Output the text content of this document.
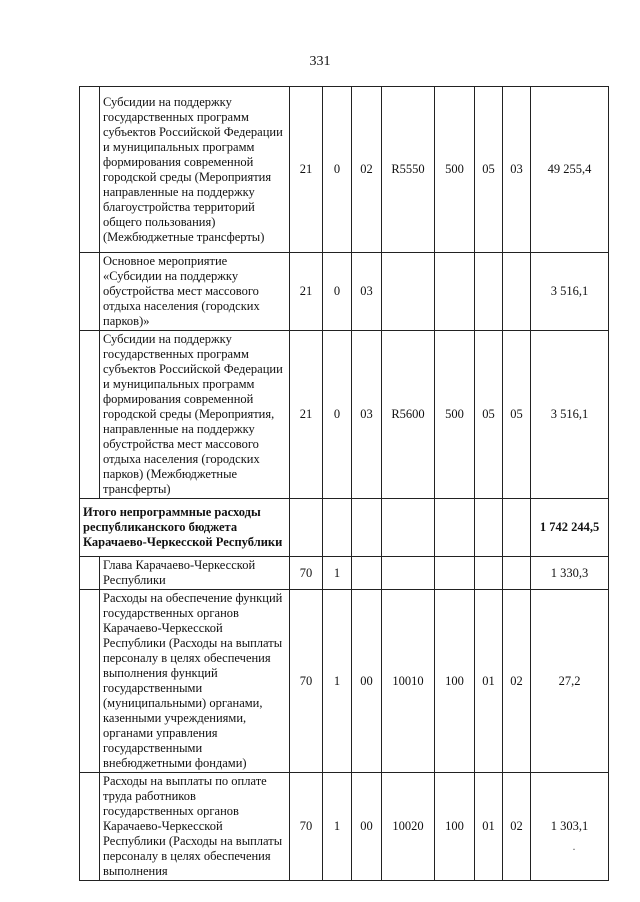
331
	Субсидии на поддержку государственных программ субъектов Российской Федерации и муниципальных программ формирования современной городской среды (Мероприятия направленные на поддержку благоустройства территорий общего пользования) (Межбюджетные трансферты)	21	0	02	R5550	500	05	03	49 255,4
	Основное мероприятие «Субсидии на поддержку обустройства мест массового отдыха населения (городских парков)»	21	0	03					3 516,1
	Субсидии на поддержку государственных программ субъектов Российской Федерации и муниципальных программ формирования современной городской среды (Мероприятия, направленные на поддержку обустройства мест массового отдыха населения (городских парков) (Межбюджетные трансферты)	21	0	03	R5600	500	05	05	3 516,1
Итого непрограммные расходы республиканского бюджета Карачаево-Черкесской Республики									1 742 244,5
	Глава Карачаево-Черкесской Республики	70	1						1 330,3
	Расходы на обеспечение функций государственных органов Карачаево-Черкесской Республики (Расходы на выплаты персоналу в целях обеспечения выполнения функций государственными (муниципальными) органами, казенными учреждениями, органами управления государственными внебюджетными фондами)	70	1	00	10010	100	01	02	27,2
	Расходы на выплаты по оплате труда работников государственных органов Карачаево-Черкесской Республики (Расходы на выплаты персоналу в целях обеспечения выполнения	70	1	00	10020	100	01	02	1 303,1
·
